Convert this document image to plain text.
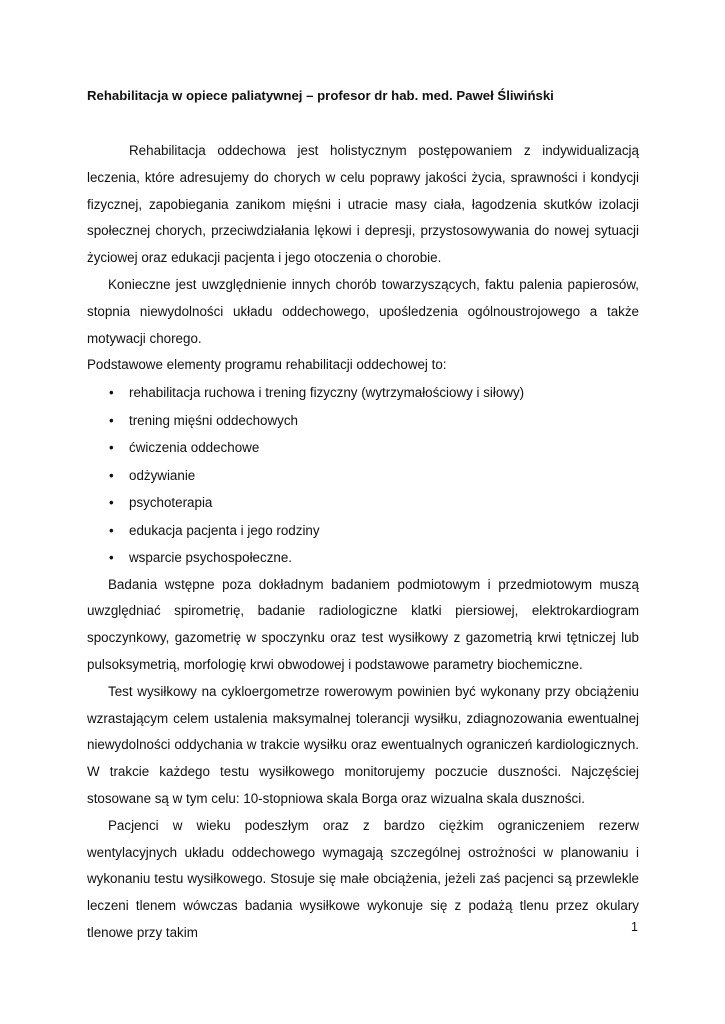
Rehabilitacja w opiece paliatywnej – profesor dr hab. med. Paweł Śliwiński

Rehabilitacja oddechowa jest holistycznym postępowaniem z indywidualizacją leczenia, które adresujemy do chorych w celu poprawy jakości życia, sprawności i kondycji fizycznej, zapobiegania zanikom mięśni i utracie masy ciała, łagodzenia skutków izolacji społecznej chorych, przeciwdziałania lękowi i depresji, przystosowywania do nowej sytuacji życiowej oraz edukacji pacjenta i jego otoczenia o chorobie.

Konieczne jest uwzględnienie innych chorób towarzyszących, faktu palenia papierosów, stopnia niewydolności układu oddechowego, upośledzenia ogólnoustrojowego a także motywacji chorego.

Podstawowe elementy programu rehabilitacji oddechowej to:

• rehabilitacja ruchowa i trening fizyczny (wytrzymałościowy i siłowy)
• trening mięśni oddechowych
• ćwiczenia oddechowe
• odżywianie
• psychoterapia
• edukacja pacjenta i jego rodziny
• wsparcie psychospołeczne.

Badania wstępne poza dokładnym badaniem podmiotowym i przedmiotowym muszą uwzględniać spirometrię, badanie radiologiczne klatki piersiowej, elektrokardiogram spoczynkowy, gazometrię w spoczynku oraz test wysiłkowy z gazometrią krwi tętniczej lub pulsoksymetrią, morfologię krwi obwodowej i podstawowe parametry biochemiczne.

Test wysiłkowy na cykloergometrze rowerowym powinien być wykonany przy obciążeniu wzrastającym celem ustalenia maksymalnej tolerancji wysiłku, zdiagnozowania ewentualnej niewydolności oddychania w trakcie wysiłku oraz ewentualnych ograniczeń kardiologicznych. W trakcie każdego testu wysiłkowego monitorujemy poczucie duszności. Najczęściej stosowane są w tym celu: 10-stopniowa skala Borga oraz wizualna skala duszności.

Pacjenci w wieku podeszłym oraz z bardzo ciężkim ograniczeniem rezerw wentylacyjnych układu oddechowego wymagają szczególnej ostrożności w planowaniu i wykonaniu testu wysiłkowego. Stosuje się małe obciążenia, jeżeli zaś pacjenci są przewlekle leczeni tlenem wówczas badania wysiłkowe wykonuje się z podażą tlenu przez okulary tlenowe przy takim	1
